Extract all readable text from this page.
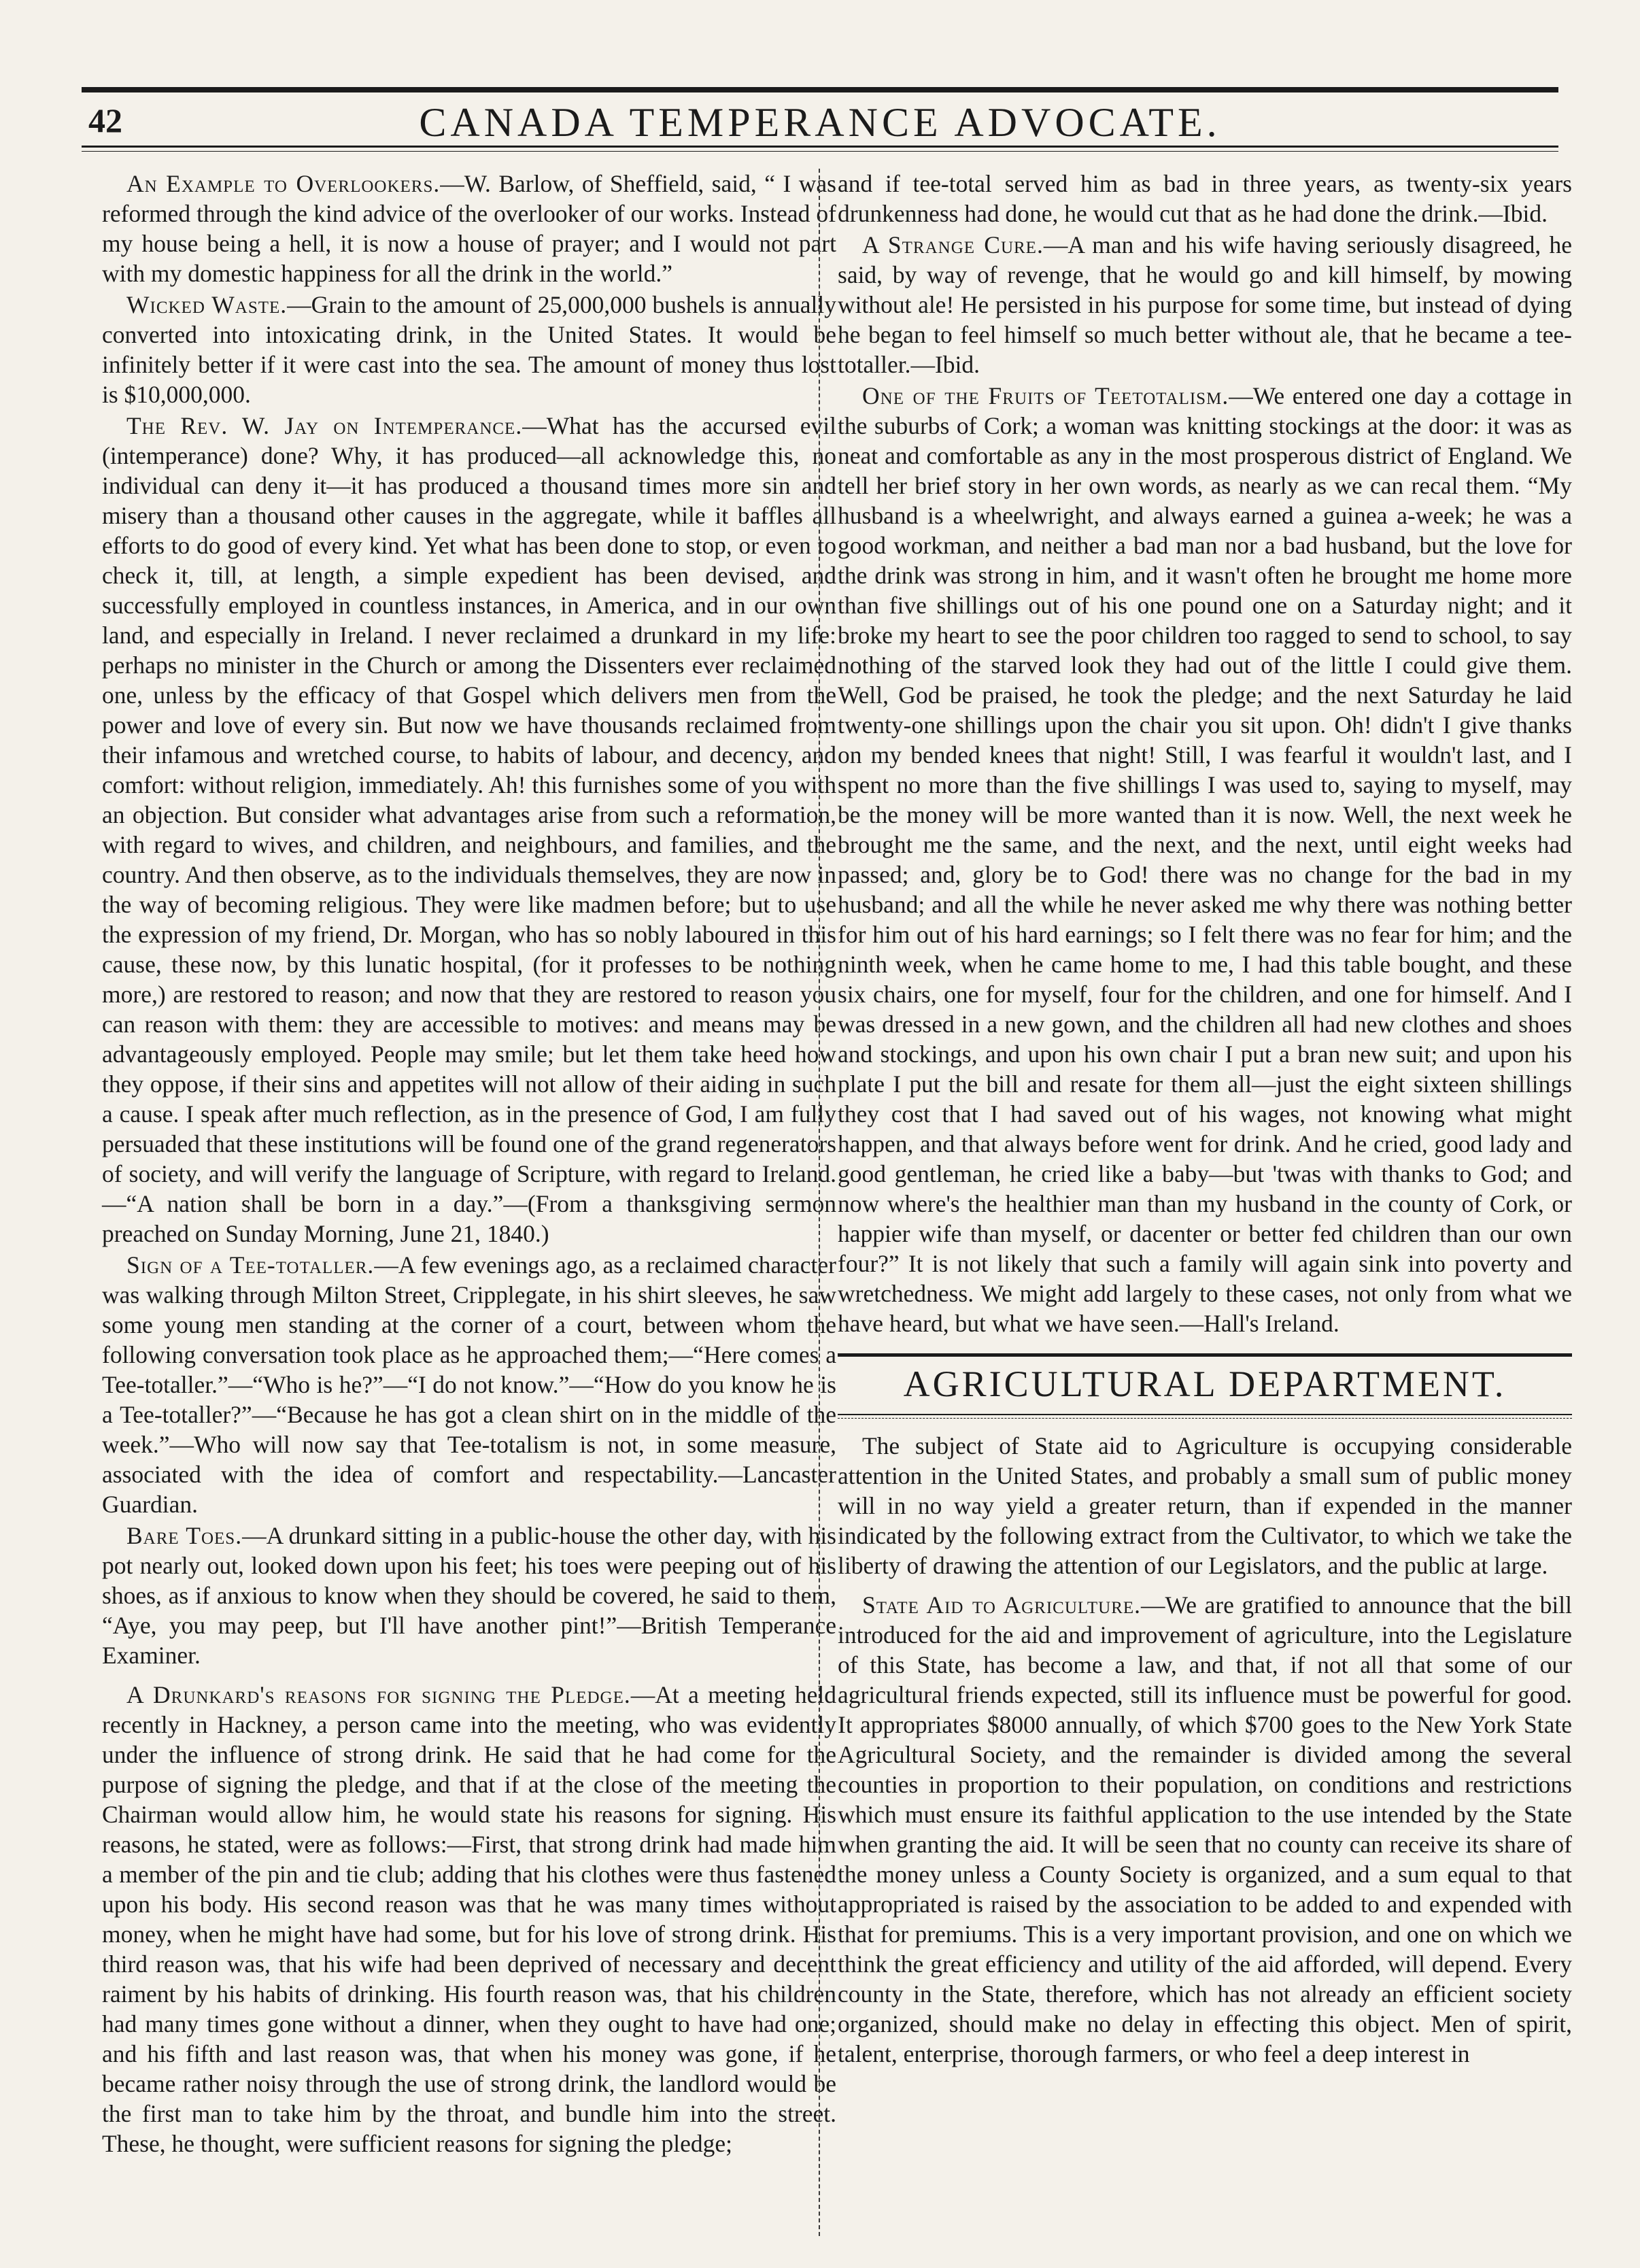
42	CANADA TEMPERANCE ADVOCATE.

An Example to Overlookers.—W. Barlow, of Sheffield, said, “ I was reformed through the kind advice of the overlooker of our works. Instead of my house being a hell, it is now a house of prayer; and I would not part with my domestic happiness for all the drink in the world.”

Wicked Waste.—Grain to the amount of 25,000,000 bushels is annually converted into intoxicating drink, in the United States. It would be infinitely better if it were cast into the sea. The amount of money thus lost is $10,000,000.

The Rev. W. Jay on Intemperance.—What has the accursed evil (intemperance) done? Why, it has produced—all acknowledge this, no individual can deny it—it has produced a thousand times more sin and misery than a thousand other causes in the aggregate, while it baffles all efforts to do good of every kind. Yet what has been done to stop, or even to check it, till, at length, a simple expedient has been devised, and successfully employed in countless instances, in America, and in our own land, and especially in Ireland. I never reclaimed a drunkard in my life: perhaps no minister in the Church or among the Dissenters ever reclaimed one, unless by the efficacy of that Gospel which delivers men from the power and love of every sin. But now we have thousands reclaimed from their infamous and wretched course, to habits of labour, and decency, and comfort: without religion, immediately. Ah! this furnishes some of you with an objection. But consider what advantages arise from such a reformation, with regard to wives, and children, and neighbours, and families, and the country. And then observe, as to the individuals themselves, they are now in the way of becoming religious. They were like madmen before; but to use the expression of my friend, Dr. Morgan, who has so nobly laboured in this cause, these now, by this lunatic hospital, (for it professes to be nothing more,) are restored to reason; and now that they are restored to reason you can reason with them: they are accessible to motives: and means may be advantageously employed. People may smile; but let them take heed how they oppose, if their sins and appetites will not allow of their aiding in such a cause. I speak after much reflection, as in the presence of God, I am fully persuaded that these institutions will be found one of the grand regenerators of society, and will verify the language of Scripture, with regard to Ireland.—“A nation shall be born in a day.”—(From a thanksgiving sermon preached on Sunday Morning, June 21, 1840.)

Sign of a Tee-totaller.—A few evenings ago, as a reclaimed character was walking through Milton Street, Cripplegate, in his shirt sleeves, he saw some young men standing at the corner of a court, between whom the following conversation took place as he approached them;—“Here comes a Tee-totaller.”—“Who is he?”—“I do not know.”—“How do you know he is a Tee-totaller?”—“Because he has got a clean shirt on in the middle of the week.”—Who will now say that Tee-totalism is not, in some measure, associated with the idea of comfort and respectability.—Lancaster Guardian.

Bare Toes.—A drunkard sitting in a public-house the other day, with his pot nearly out, looked down upon his feet; his toes were peeping out of his shoes, as if anxious to know when they should be covered, he said to them, “Aye, you may peep, but I'll have another pint!”—British Temperance Examiner.

A Drunkard's reasons for signing the Pledge.—At a meeting held recently in Hackney, a person came into the meeting, who was evidently under the influence of strong drink. He said that he had come for the purpose of signing the pledge, and that if at the close of the meeting the Chairman would allow him, he would state his reasons for signing. His reasons, he stated, were as follows:—First, that strong drink had made him a member of the pin and tie club; adding that his clothes were thus fastened upon his body. His second reason was that he was many times without money, when he might have had some, but for his love of strong drink. His third reason was, that his wife had been deprived of necessary and decent raiment by his habits of drinking. His fourth reason was, that his children had many times gone without a dinner, when they ought to have had one; and his fifth and last reason was, that when his money was gone, if he became rather noisy through the use of strong drink, the landlord would be the first man to take him by the throat, and bundle him into the street. These, he thought, were sufficient reasons for signing the pledge;

and if tee-total served him as bad in three years, as twenty-six years drunkenness had done, he would cut that as he had done the drink.—Ibid.

A Strange Cure.—A man and his wife having seriously disagreed, he said, by way of revenge, that he would go and kill himself, by mowing without ale! He persisted in his purpose for some time, but instead of dying he began to feel himself so much better without ale, that he became a tee-totaller.—Ibid.

One of the Fruits of Teetotalism.—We entered one day a cottage in the suburbs of Cork; a woman was knitting stockings at the door: it was as neat and comfortable as any in the most prosperous district of England. We tell her brief story in her own words, as nearly as we can recal them. “My husband is a wheelwright, and always earned a guinea a-week; he was a good workman, and neither a bad man nor a bad husband, but the love for the drink was strong in him, and it wasn't often he brought me home more than five shillings out of his one pound one on a Saturday night; and it broke my heart to see the poor children too ragged to send to school, to say nothing of the starved look they had out of the little I could give them. Well, God be praised, he took the pledge; and the next Saturday he laid twenty-one shillings upon the chair you sit upon. Oh! didn't I give thanks on my bended knees that night! Still, I was fearful it wouldn't last, and I spent no more than the five shillings I was used to, saying to myself, may be the money will be more wanted than it is now. Well, the next week he brought me the same, and the next, and the next, until eight weeks had passed; and, glory be to God! there was no change for the bad in my husband; and all the while he never asked me why there was nothing better for him out of his hard earnings; so I felt there was no fear for him; and the ninth week, when he came home to me, I had this table bought, and these six chairs, one for myself, four for the children, and one for himself. And I was dressed in a new gown, and the children all had new clothes and shoes and stockings, and upon his own chair I put a bran new suit; and upon his plate I put the bill and resate for them all—just the eight sixteen shillings they cost that I had saved out of his wages, not knowing what might happen, and that always before went for drink. And he cried, good lady and good gentleman, he cried like a baby—but 'twas with thanks to God; and now where's the healthier man than my husband in the county of Cork, or happier wife than myself, or dacenter or better fed children than our own four?” It is not likely that such a family will again sink into poverty and wretchedness. We might add largely to these cases, not only from what we have heard, but what we have seen.—Hall's Ireland.

AGRICULTURAL DEPARTMENT.

The subject of State aid to Agriculture is occupying considerable attention in the United States, and probably a small sum of public money will in no way yield a greater return, than if expended in the manner indicated by the following extract from the Cultivator, to which we take the liberty of drawing the attention of our Legislators, and the public at large.

State Aid to Agriculture.—We are gratified to announce that the bill introduced for the aid and improvement of agriculture, into the Legislature of this State, has become a law, and that, if not all that some of our agricultural friends expected, still its influence must be powerful for good. It appropriates $8000 annually, of which $700 goes to the New York State Agricultural Society, and the remainder is divided among the several counties in proportion to their population, on conditions and restrictions which must ensure its faithful application to the use intended by the State when granting the aid. It will be seen that no county can receive its share of the money unless a County Society is organized, and a sum equal to that appropriated is raised by the association to be added to and expended with that for premiums. This is a very important provision, and one on which we think the great efficiency and utility of the aid afforded, will depend. Every county in the State, therefore, which has not already an efficient society organized, should make no delay in effecting this object. Men of spirit, talent, enterprise, thorough farmers, or who feel a deep interest in
